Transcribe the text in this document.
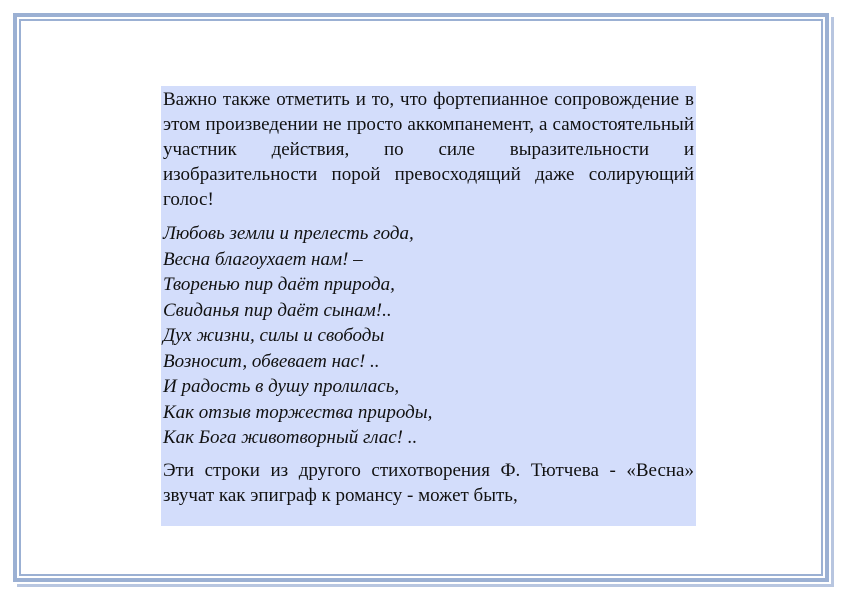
Важно также отметить и то, что фортепианное сопровождение в этом произведении не просто аккомпанемент, а самостоятельный участник действия, по силе выразительности и изобразительности порой превосходящий даже солирующий голос!

Любовь земли и прелесть года,
Весна благоухает нам! –
Творенью пир даёт природа,
Свиданья пир даёт сынам!..
Дух жизни, силы и свободы
Возносит, обвевает нас! ..
И радость в душу пролилась,
Как отзыв торжества природы,
Как Бога животворный глас! ..

Эти строки из другого стихотворения Ф. Тютчева - «Весна» звучат как эпиграф к романсу - может быть,
